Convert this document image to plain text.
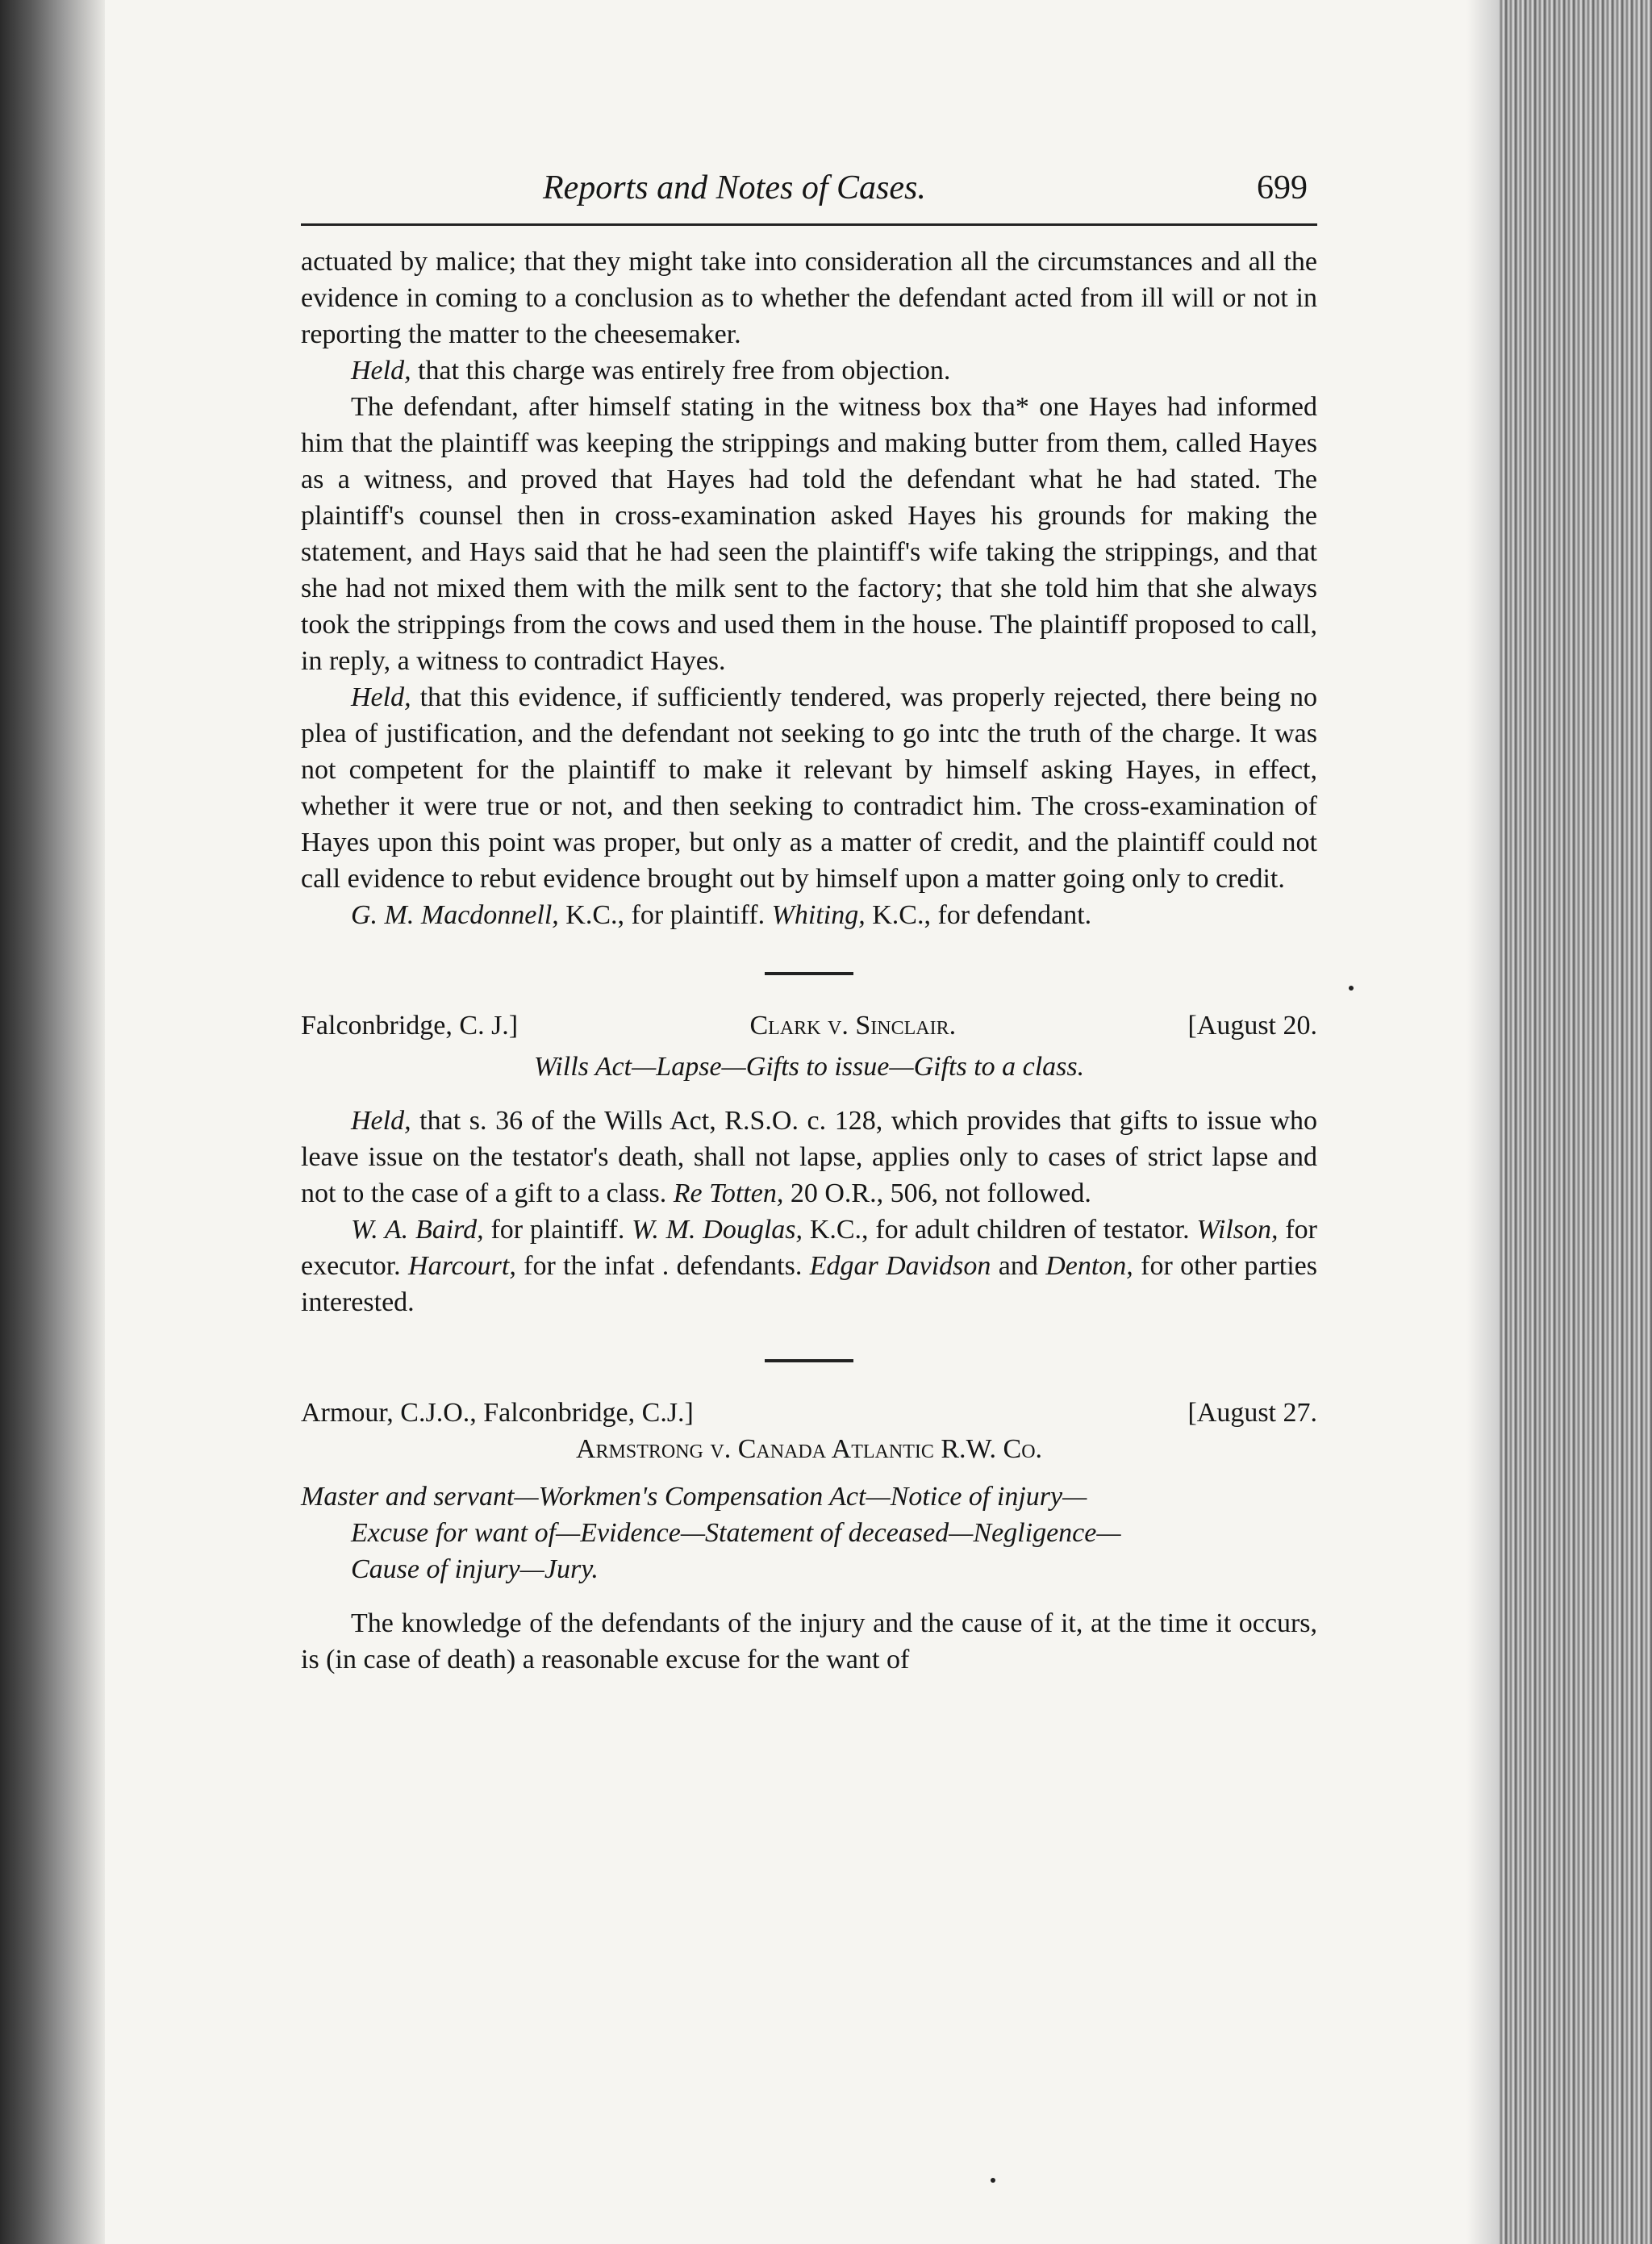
Reports and Notes of Cases.	699

actuated by malice; that they might take into consideration all the circumstances and all the evidence in coming to a conclusion as to whether the defendant acted from ill will or not in reporting the matter to the cheesemaker.

Held, that this charge was entirely free from objection.

The defendant, after himself stating in the witness box tha* one Hayes had informed him that the plaintiff was keeping the strippings and making butter from them, called Hayes as a witness, and proved that Hayes had told the defendant what he had stated. The plaintiff's counsel then in cross-examination asked Hayes his grounds for making the statement, and Hays said that he had seen the plaintiff's wife taking the strippings, and that she had not mixed them with the milk sent to the factory; that she told him that she always took the strippings from the cows and used them in the house. The plaintiff proposed to call, in reply, a witness to contradict Hayes.

Held, that this evidence, if sufficiently tendered, was properly rejected, there being no plea of justification, and the defendant not seeking to go intc the truth of the charge. It was not competent for the plaintiff to make it relevant by himself asking Hayes, in effect, whether it were true or not, and then seeking to contradict him. The cross-examination of Hayes upon this point was proper, but only as a matter of credit, and the plaintiff could not call evidence to rebut evidence brought out by himself upon a matter going only to credit.

G. M. Macdonnell, K.C., for plaintiff. Whiting, K.C., for defendant.

Falconbridge, C. J.]	Clark v. Sinclair.	[August 20.

Wills Act—Lapse—Gifts to issue—Gifts to a class.

Held, that s. 36 of the Wills Act, R.S.O. c. 128, which provides that gifts to issue who leave issue on the testator's death, shall not lapse, applies only to cases of strict lapse and not to the case of a gift to a class. Re Totten, 20 O.R., 506, not followed.

W. A. Baird, for plaintiff. W. M. Douglas, K.C., for adult children of testator. Wilson, for executor. Harcourt, for the infat . defendants. Edgar Davidson and Denton, for other parties interested.

Armour, C.J.O., Falconbridge, C.J.]	[August 27.

Armstrong v. Canada Atlantic R.W. Co.

Master and servant—Workmen's Compensation Act—Notice of injury—
Excuse for want of—Evidence—Statement of deceased—Negligence—
Cause of injury—Jury.

The knowledge of the defendants of the injury and the cause of it, at the time it occurs, is (in case of death) a reasonable excuse for the want of
